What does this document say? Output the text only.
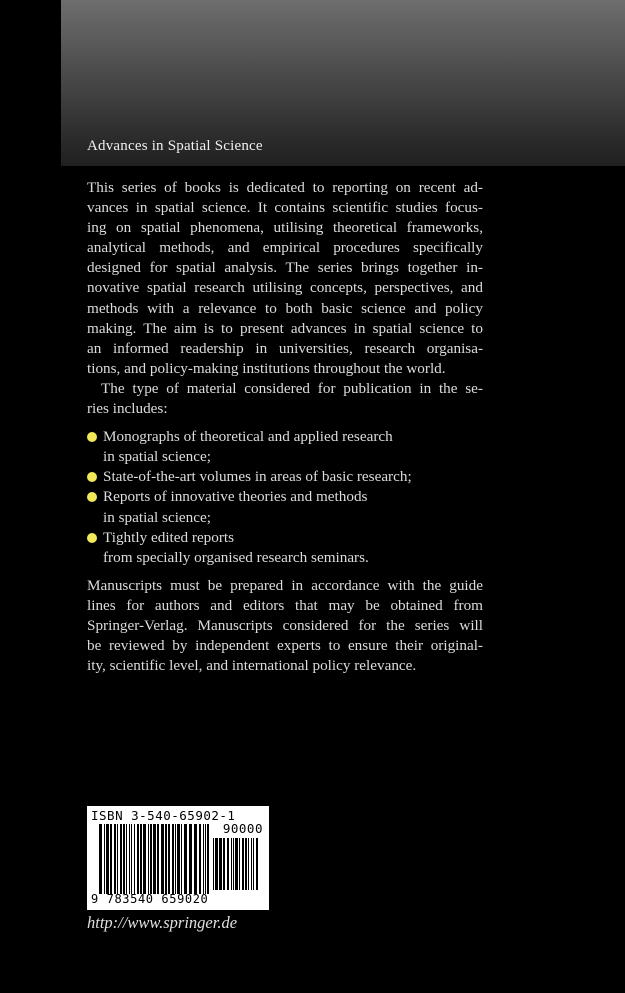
Advances in Spatial Science
This series of books is dedicated to reporting on recent ad-
vances in spatial science. It contains scientific studies focus-
ing on spatial phenomena, utilising theoretical frameworks,
analytical methods, and empirical procedures specifically
designed for spatial analysis. The series brings together in-
novative spatial research utilising concepts, perspectives, and
methods with a relevance to both basic science and policy
making. The aim is to present advances in spatial science to
an informed readership in universities, research organisa-
tions, and policy-making institutions throughout the world.
The type of material considered for publication in the se-
ries includes:
Monographs of theoretical and applied research
in spatial science;
State-of-the-art volumes in areas of basic research;
Reports of innovative theories and methods
in spatial science;
Tightly edited reports
from specially organised research seminars.
Manuscripts must be prepared in accordance with the guide
lines for authors and editors that may be obtained from
Springer-Verlag. Manuscripts considered for the series will
be reviewed by independent experts to ensure their original-
ity, scientific level, and international policy relevance.
ISBN 3-540-65902-1
90000
9 783540 659020
http://www.springer.de
